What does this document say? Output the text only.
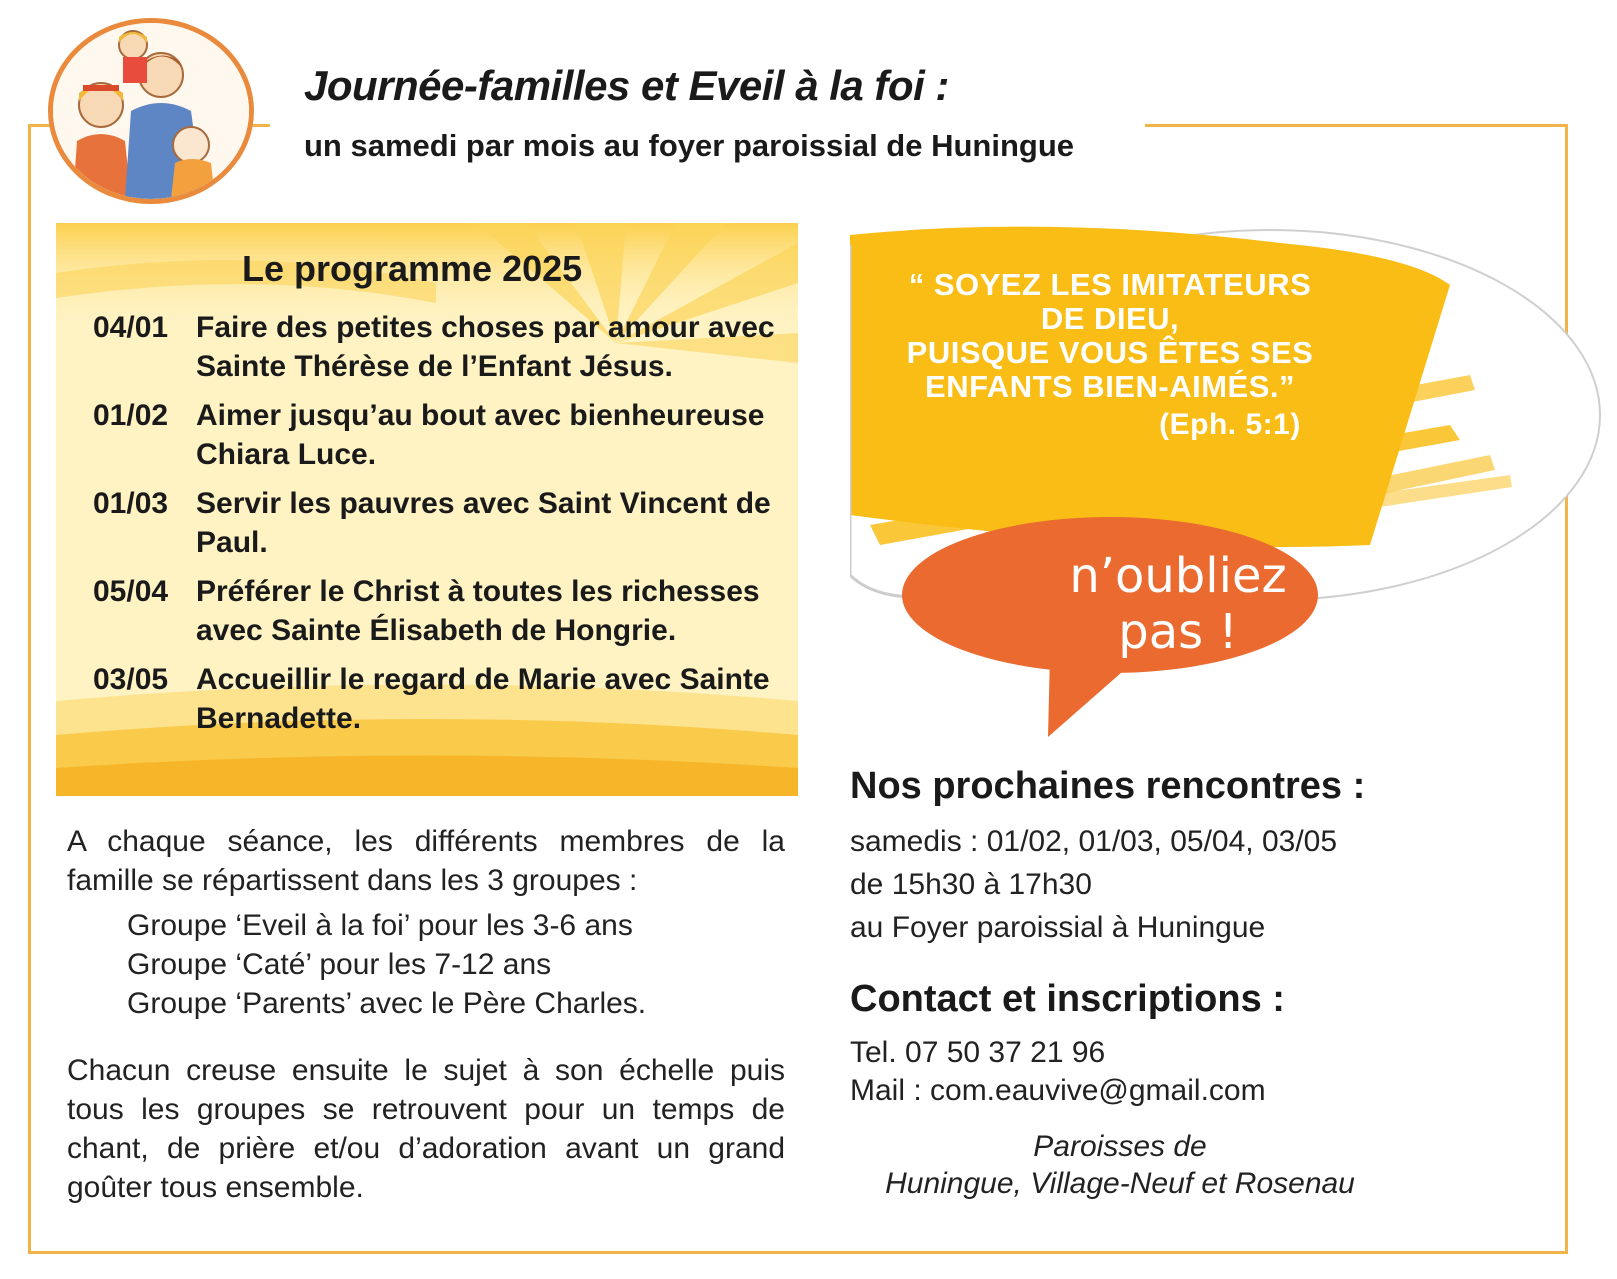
Journée-familles et Eveil à la foi :
un samedi par mois au foyer paroissial de Huningue
Le programme 2025
04/01 Faire des petites choses par amour avec Sainte Thérèse de l’Enfant Jésus.
01/02 Aimer jusqu’au bout avec bienheureuse Chiara Luce.
01/03 Servir les pauvres avec Saint Vincent de Paul.
05/04 Préférer le Christ à toutes les richesses avec Sainte Élisabeth de Hongrie.
03/05 Accueillir le regard de Marie avec Sainte Bernadette.
A chaque séance, les différents membres de la famille se répartissent dans les 3 groupes :
Groupe ‘Eveil à la foi’ pour les 3-6 ans
Groupe ‘Caté’ pour les 7-12 ans
Groupe ‘Parents’ avec le Père Charles.
Chacun creuse ensuite le sujet à son échelle puis tous les groupes se retrouvent pour un temps de chant, de prière et/ou d’adoration avant un grand goûter tous ensemble.
“ SOYEZ LES IMITATEURS
DE DIEU,
PUISQUE VOUS ÊTES SES
ENFANTS BIEN-AIMÉS.”
(Eph. 5:1)
n’oubliez
pas !
Nos prochaines rencontres :
samedis : 01/02, 01/03, 05/04, 03/05
de 15h30 à 17h30
au Foyer paroissial à Huningue
Contact et inscriptions :
Tel. 07 50 37 21 96
Mail : com.eauvive@gmail.com
Paroisses de
Huningue, Village-Neuf et Rosenau
